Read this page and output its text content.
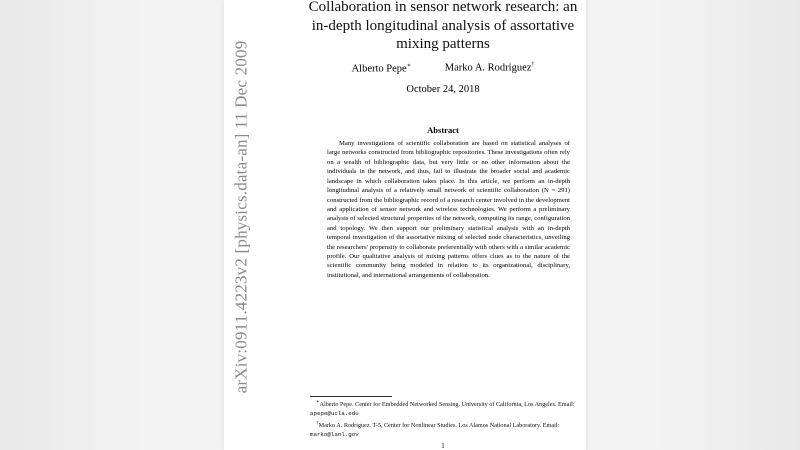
arXiv:0911.4223v2 [physics.data-an] 11 Dec 2009
Collaboration in sensor network research: an in-depth longitudinal analysis of assortative mixing patterns
Alberto Pepe∗	Marko A. Rodriguez†
October 24, 2018
Abstract

Many investigations of scientific collaboration are based on statistical analyses of large networks constructed from bibliographic repositories. These investigations often rely on a wealth of bibliographic data, but very little or no other information about the individuals in the network, and thus, fail to illustrate the broader social and academic landscape in which collaboration takes place. In this article, we perform an in-depth longitudinal analysis of a relatively small network of scientific collaboration (N = 291) constructed from the bibliographic record of a research center involved in the development and application of sensor network and wireless technologies. We perform a preliminary analysis of selected structural properties of the network, computing its range, configuration and topology. We then support our preliminary statistical analysis with an in-depth temporal investigation of the assortative mixing of selected node characteristics, unveiling the researchers' propensity to collaborate preferentially with others with a similar academic profile. Our qualitative analysis of mixing patterns offers clues as to the nature of the scientific community being modeled in relation to its organizational, disciplinary, institutional, and international arrangements of collaboration.

∗Alberto Pepe. Center for Embedded Networked Sensing. University of California, Los Angeles. Email: apepe@ucla.edu

†Marko A. Rodriguez. T-5, Center for Nonlinear Studies. Los Alamos National Laboratory. Email: marko@lanl.gov

1
